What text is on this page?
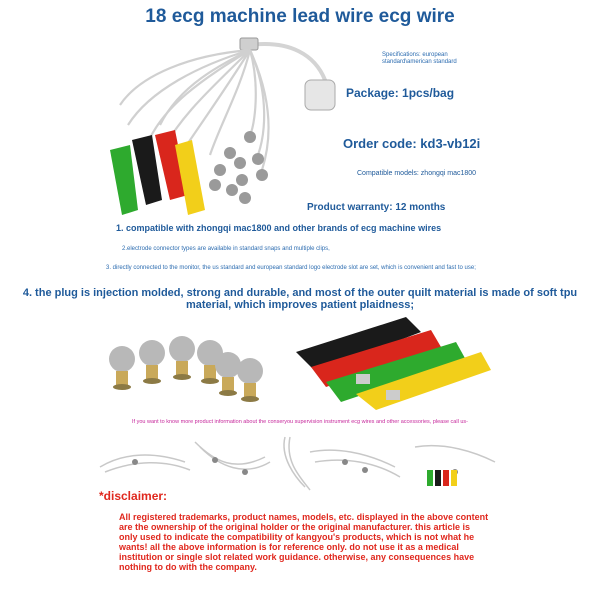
18 ecg machine lead wire ecg wire
Specifications: european standard\american standard
Package: 1pcs/bag
Order code: kd3-vb12i
Compatible models: zhongqi mac1800
Product warranty: 12 months
1. compatible with zhongqi mac1800 and other brands of ecg machine wires
2.electrode connector types are available in standard snaps and multiple clips,
3. directly connected to the monitor, the us standard and european standard logo electrode slot are set, which is convenient and fast to use;
4. the plug is injection molded, strong and durable, and most of the outer quilt material is made of soft tpu material, which improves patient plaidness;
If you want to know more product information about the conseryou supervision instrument ecg wires and other accessories, please call us-
*disclaimer:
All registered trademarks, product names, models, etc. displayed in the above content are the ownership of the original holder or the original manufacturer. this article is only used to indicate the compatibility of kangyou's products, which is not what he wants! all the above information is for reference only. do not use it as a medical institution or single slot related work guidance. otherwise, any consequences have nothing to do with the company.
